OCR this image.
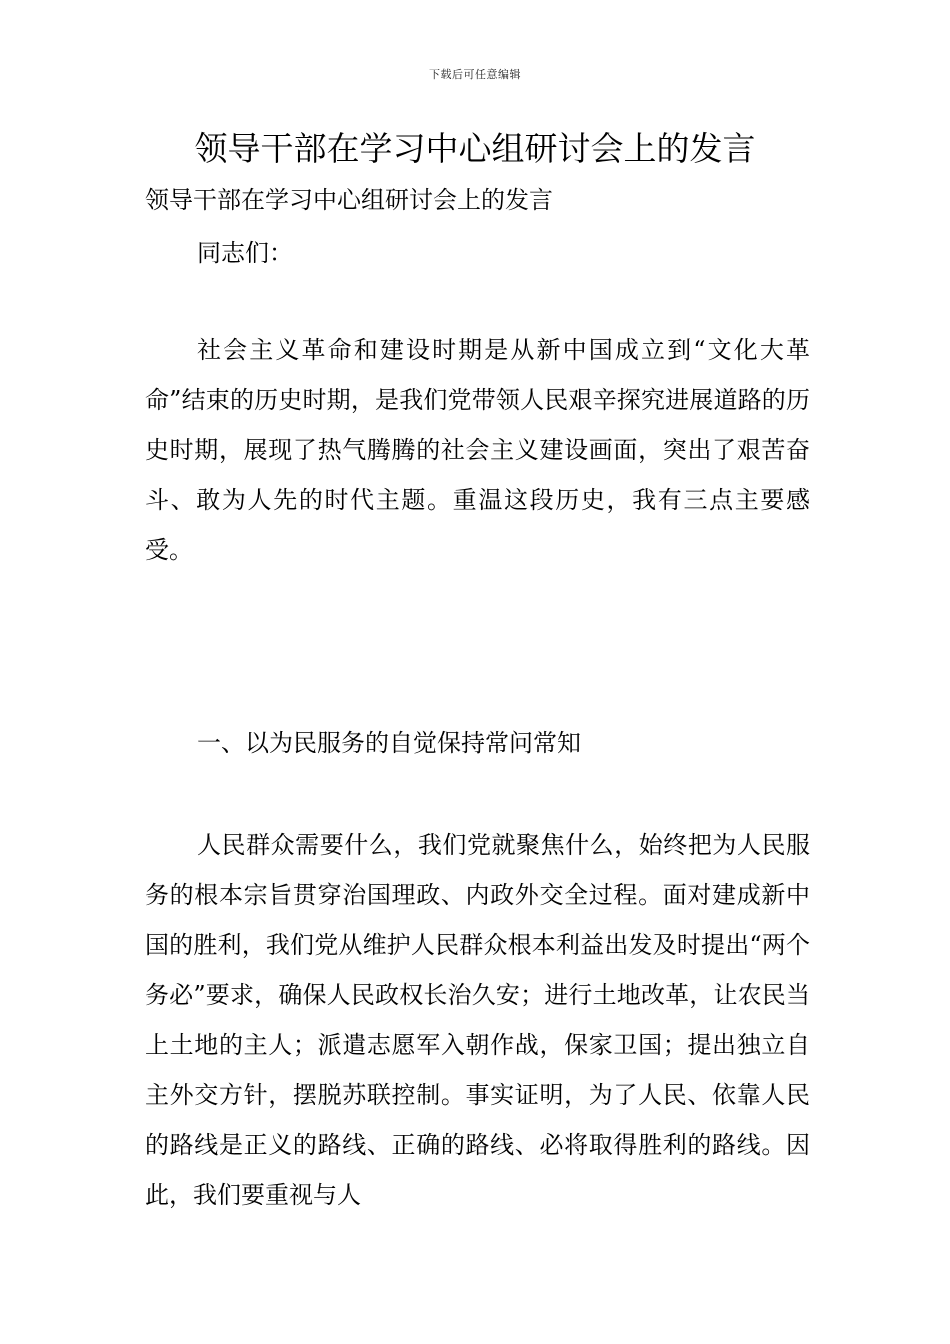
下载后可任意编辑
领导干部在学习中心组研讨会上的发言
领导干部在学习中心组研讨会上的发言
同志们：

社会主义革命和建设时期是从新中国成立到“文化大革命”结束的历史时期，是我们党带领人民艰辛探究进展道路的历史时期，展现了热气腾腾的社会主义建设画面，突出了艰苦奋斗、敢为人先的时代主题。重温这段历史，我有三点主要感受。

一、以为民服务的自觉保持常问常知

人民群众需要什么，我们党就聚焦什么，始终把为人民服务的根本宗旨贯穿治国理政、内政外交全过程。面对建成新中国的胜利，我们党从维护人民群众根本利益出发及时提出“两个务必”要求，确保人民政权长治久安；进行土地改革，让农民当上土地的主人；派遣志愿军入朝作战，保家卫国；提出独立自主外交方针，摆脱苏联控制。事实证明，为了人民、依靠人民的路线是正义的路线、正确的路线、必将取得胜利的路线。因此，我们要重视与人
